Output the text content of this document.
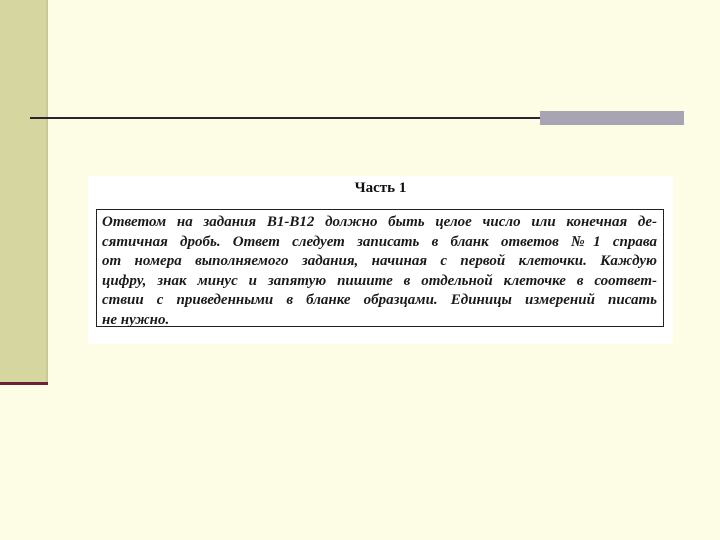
Часть 1
Ответом на задания В1-В12 должно быть целое число или конечная де-
сятичная дробь. Ответ следует записать в бланк ответов №1 справа
от номера выполняемого задания, начиная с первой клеточки. Каждую
цифру, знак минус и запятую пишите в отдельной клеточке в соответ-
ствии с приведенными в бланке образцами. Единицы измерений писать
не нужно.
